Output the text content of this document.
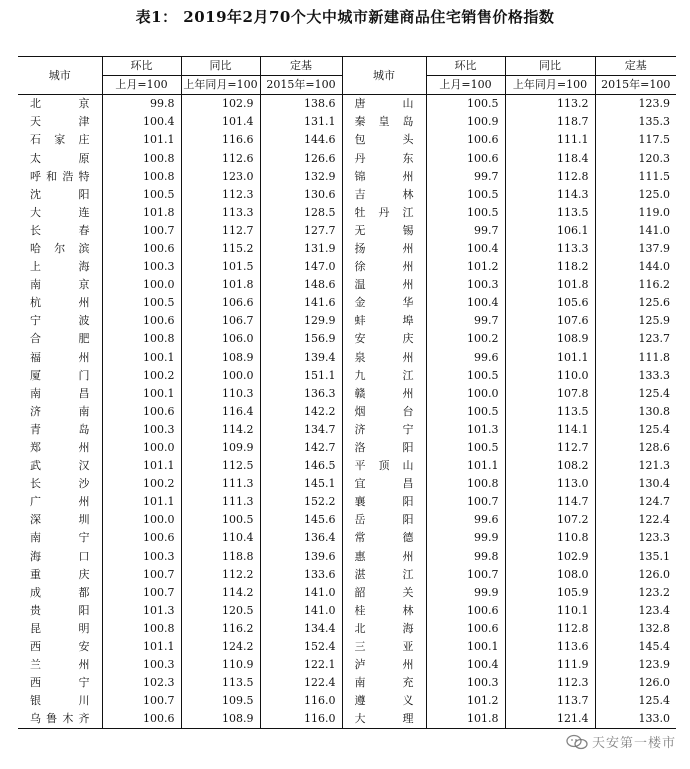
表1： 2019年2月70个大中城市新建商品住宅销售价格指数
城市	环比	同比	定基	城市	环比	同比	定基
	上月=100	上年同月=100	2015年=100		上月=100	上年同月=100	2015年=100
北京	99.8	102.9	138.6	唐山	100.5	113.2	123.9
天津	100.4	101.4	131.1	秦皇岛	100.9	118.7	135.3
石家庄	101.1	116.6	144.6	包头	100.6	111.1	117.5
太原	100.8	112.6	126.6	丹东	100.6	118.4	120.3
呼和浩特	100.8	123.0	132.9	锦州	99.7	112.8	111.5
沈阳	100.5	112.3	130.6	吉林	100.5	114.3	125.0
大连	101.8	113.3	128.5	牡丹江	100.5	113.5	119.0
长春	100.7	112.7	127.7	无锡	99.7	106.1	141.0
哈尔滨	100.6	115.2	131.9	扬州	100.4	113.3	137.9
上海	100.3	101.5	147.0	徐州	101.2	118.2	144.0
南京	100.0	101.8	148.6	温州	100.3	101.8	116.2
杭州	100.5	106.6	141.6	金华	100.4	105.6	125.6
宁波	100.6	106.7	129.9	蚌埠	99.7	107.6	125.9
合肥	100.8	106.0	156.9	安庆	100.2	108.9	123.7
福州	100.1	108.9	139.4	泉州	99.6	101.1	111.8
厦门	100.2	100.0	151.1	九江	100.5	110.0	133.3
南昌	100.1	110.3	136.3	赣州	100.0	107.8	125.4
济南	100.6	116.4	142.2	烟台	100.5	113.5	130.8
青岛	100.3	114.2	134.7	济宁	101.3	114.1	125.4
郑州	100.0	109.9	142.7	洛阳	100.5	112.7	128.6
武汉	101.1	112.5	146.5	平顶山	101.1	108.2	121.3
长沙	100.2	111.3	145.1	宜昌	100.8	113.0	130.4
广州	101.1	111.3	152.2	襄阳	100.7	114.7	124.7
深圳	100.0	100.5	145.6	岳阳	99.6	107.2	122.4
南宁	100.6	110.4	136.4	常德	99.9	110.8	123.3
海口	100.3	118.8	139.6	惠州	99.8	102.9	135.1
重庆	100.7	112.2	133.6	湛江	100.7	108.0	126.0
成都	100.7	114.2	141.0	韶关	99.9	105.9	123.2
贵阳	101.3	120.5	141.0	桂林	100.6	110.1	123.4
昆明	100.8	116.2	134.4	北海	100.6	112.8	132.8
西安	101.1	124.2	152.4	三亚	100.1	113.6	145.4
兰州	100.3	110.9	122.1	泸州	100.4	111.9	123.9
西宁	102.3	113.5	122.4	南充	100.3	112.3	126.0
银川	100.7	109.5	116.0	遵义	101.2	113.7	125.4
乌鲁木齐	100.6	108.9	116.0	大理	101.8	121.4	133.0
天安第一楼市
